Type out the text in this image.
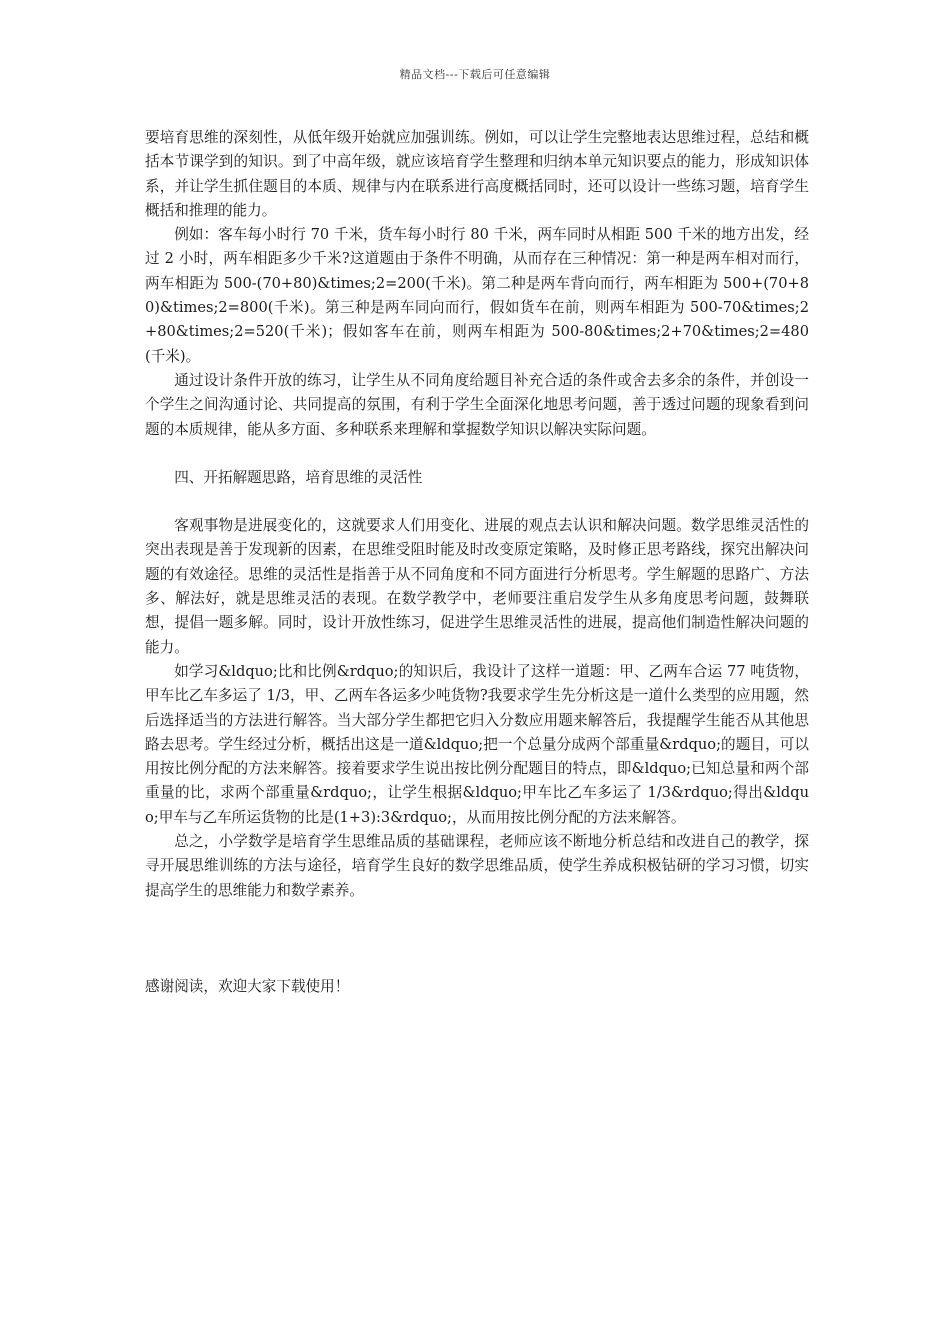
精品文档---下载后可任意编辑

要培育思维的深刻性，从低年级开始就应加强训练。例如，可以让学生完整地表达思维过程，总结和概括本节课学到的知识。到了中高年级，就应该培育学生整理和归纳本单元知识要点的能力，形成知识体系，并让学生抓住题目的本质、规律与内在联系进行高度概括同时，还可以设计一些练习题，培育学生概括和推理的能力。

例如：客车每小时行 70 千米，货车每小时行 80 千米，两车同时从相距 500 千米的地方出发，经过 2 小时，两车相距多少千米?这道题由于条件不明确，从而存在三种情况：第一种是两车相对而行，两车相距为 500-(70+80)&times;2=200(千米)。第二种是两车背向而行，两车相距为 500+(70+80)&times;2=800(千米)。第三种是两车同向而行，假如货车在前，则两车相距为 500-70&times;2+80&times;2=520(千米)；假如客车在前，则两车相距为 500-80&times;2+70&times;2=480(千米)。

通过设计条件开放的练习，让学生从不同角度给题目补充合适的条件或舍去多余的条件，并创设一个学生之间沟通讨论、共同提高的氛围，有利于学生全面深化地思考问题，善于透过问题的现象看到问题的本质规律，能从多方面、多种联系来理解和掌握数学知识以解决实际问题。

四、开拓解题思路，培育思维的灵活性

客观事物是进展变化的，这就要求人们用变化、进展的观点去认识和解决问题。数学思维灵活性的突出表现是善于发现新的因素，在思维受阻时能及时改变原定策略，及时修正思考路线，探究出解决问题的有效途径。思维的灵活性是指善于从不同角度和不同方面进行分析思考。学生解题的思路广、方法多、解法好，就是思维灵活的表现。在数学教学中，老师要注重启发学生从多角度思考问题，鼓舞联想，提倡一题多解。同时，设计开放性练习，促进学生思维灵活性的进展，提高他们制造性解决问题的能力。

如学习&ldquo;比和比例&rdquo;的知识后，我设计了这样一道题：甲、乙两车合运 77 吨货物，甲车比乙车多运了 1/3，甲、乙两车各运多少吨货物?我要求学生先分析这是一道什么类型的应用题，然后选择适当的方法进行解答。当大部分学生都把它归入分数应用题来解答后，我提醒学生能否从其他思路去思考。学生经过分析，概括出这是一道&ldquo;把一个总量分成两个部重量&rdquo;的题目，可以用按比例分配的方法来解答。接着要求学生说出按比例分配题目的特点，即&ldquo;已知总量和两个部重量的比，求两个部重量&rdquo;，让学生根据&ldquo;甲车比乙车多运了 1/3&rdquo;得出&ldquo;甲车与乙车所运货物的比是(1+3):3&rdquo;，从而用按比例分配的方法来解答。

总之，小学数学是培育学生思维品质的基础课程，老师应该不断地分析总结和改进自己的教学，探寻开展思维训练的方法与途径，培育学生良好的数学思维品质，使学生养成积极钻研的学习习惯，切实提高学生的思维能力和数学素养。

感谢阅读，欢迎大家下载使用！
